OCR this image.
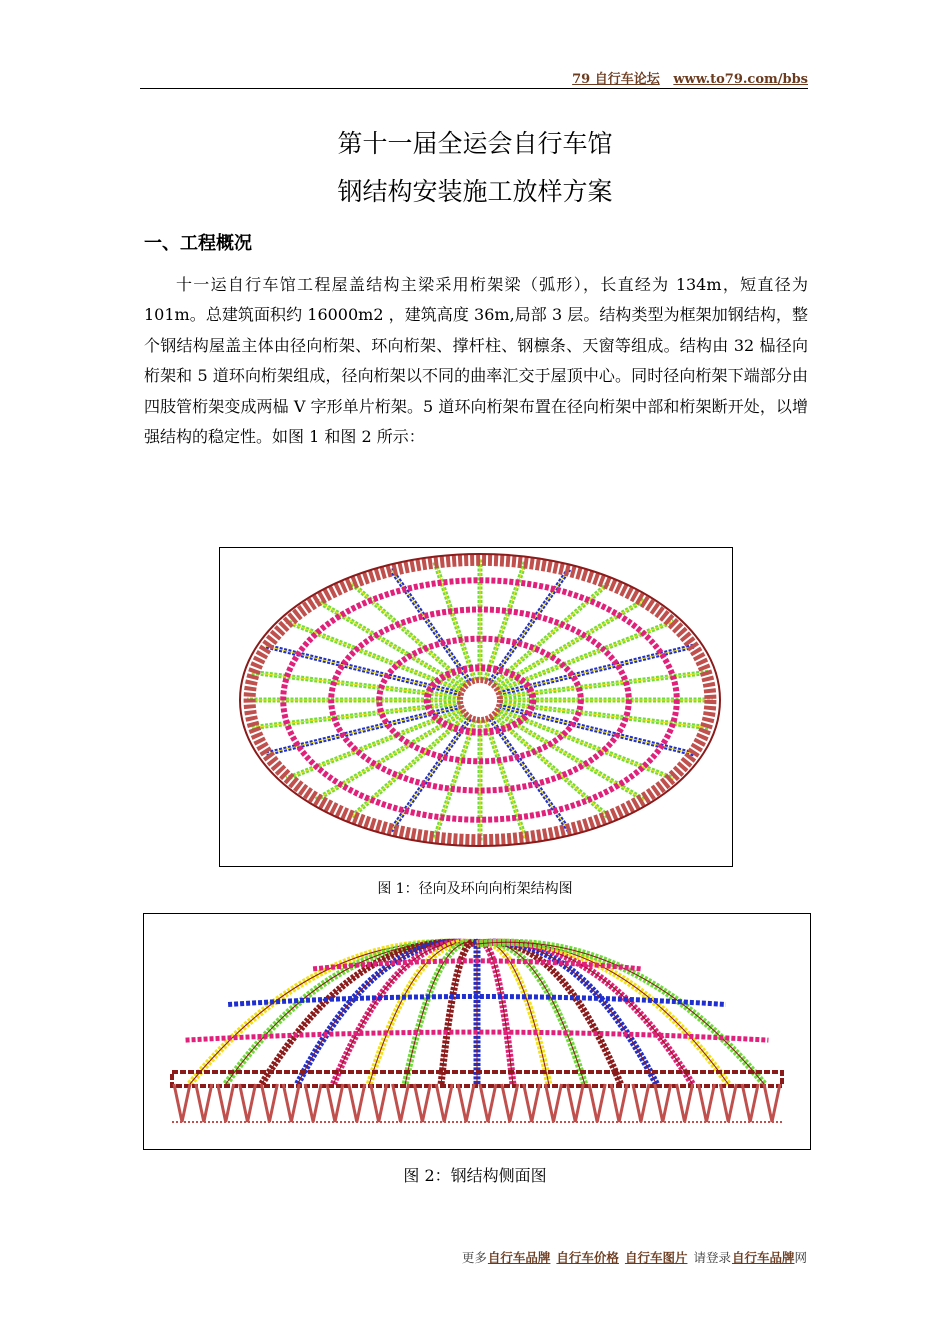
79 自行车论坛 www.to79.com/bbs
第十一届全运会自行车馆
钢结构安装施工放样方案
一、工程概况

十一运自行车馆工程屋盖结构主梁采用桁架梁（弧形），长直经为 134m，短直径为 101m。总建筑面积约 16000m2 ，建筑高度 36m,局部 3 层。结构类型为框架加钢结构，整个钢结构屋盖主体由径向桁架、环向桁架、撑杆柱、钢檩条、天窗等组成。结构由 32 榀径向桁架和 5 道环向桁架组成，径向桁架以不同的曲率汇交于屋顶中心。同时径向桁架下端部分由四肢管桁架变成两榀 V 字形单片桁架。5 道环向桁架布置在径向桁架中部和桁架断开处，以增强结构的稳定性。如图 1 和图 2 所示：

图 1：径向及环向向桁架结构图
图 2：钢结构侧面图
更多自行车品牌 自行车价格 自行车图片 请登录自行车品牌网
